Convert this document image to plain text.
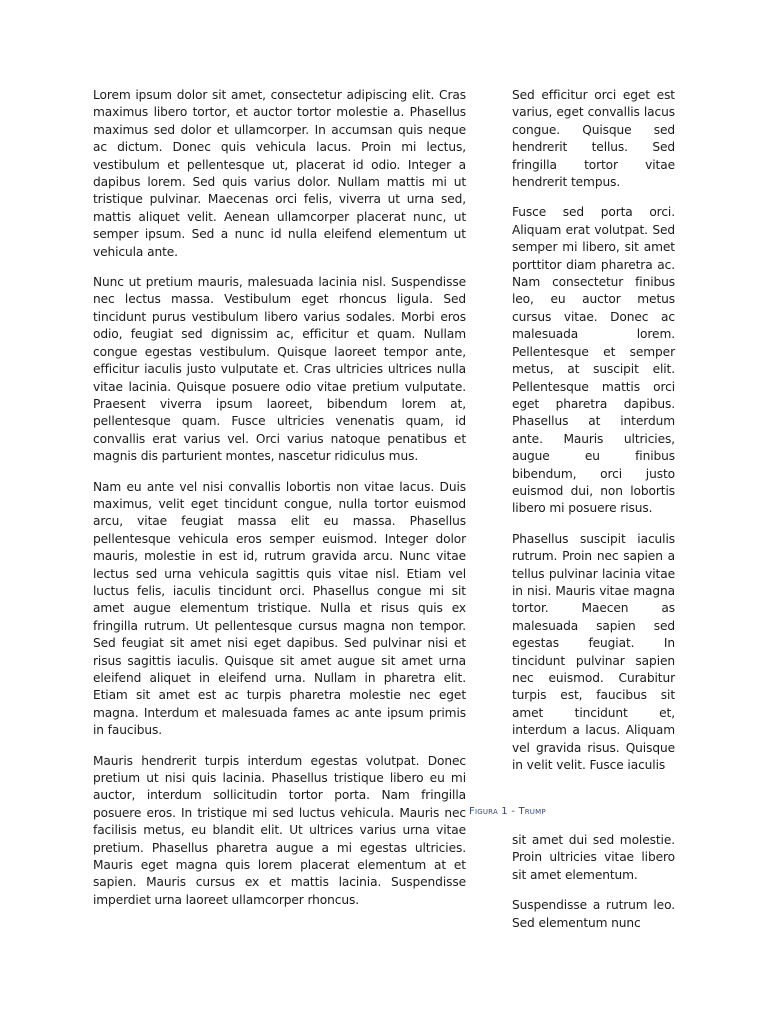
Lorem ipsum dolor sit amet, consectetur adipiscing elit. Cras maximus libero tortor, et auctor tortor molestie a. Phasellus maximus sed dolor et ullamcorper. In accumsan quis neque ac dictum. Donec quis vehicula lacus. Proin mi lectus, vestibulum et pellentesque ut, placerat id odio. Integer a dapibus lorem. Sed quis varius dolor. Nullam mattis mi ut tristique pulvinar. Maecenas orci felis, viverra ut urna sed, mattis aliquet velit. Aenean ullamcorper placerat nunc, ut semper ipsum. Sed a nunc id nulla eleifend elementum ut vehicula ante.

Nunc ut pretium mauris, malesuada lacinia nisl. Suspendisse nec lectus massa. Vestibulum eget rhoncus ligula. Sed tincidunt purus vestibulum libero varius sodales. Morbi eros odio, feugiat sed dignissim ac, efficitur et quam. Nullam congue egestas vestibulum. Quisque laoreet tempor ante, efficitur iaculis justo vulputate et. Cras ultricies ultrices nulla vitae lacinia. Quisque posuere odio vitae pretium vulputate. Praesent viverra ipsum laoreet, bibendum lorem at, pellentesque quam. Fusce ultricies venenatis quam, id convallis erat varius vel. Orci varius natoque penatibus et magnis dis parturient montes, nascetur ridiculus mus.

Nam eu ante vel nisi convallis lobortis non vitae lacus. Duis maximus, velit eget tincidunt congue, nulla tortor euismod arcu, vitae feugiat massa elit eu massa. Phasellus pellentesque vehicula eros semper euismod. Integer dolor mauris, molestie in est id, rutrum gravida arcu. Nunc vitae lectus sed urna vehicula sagittis quis vitae nisl. Etiam vel luctus felis, iaculis tincidunt orci. Phasellus congue mi sit amet augue elementum tristique. Nulla et risus quis ex fringilla rutrum. Ut pellentesque cursus magna non tempor. Sed feugiat sit amet nisi eget dapibus. Sed pulvinar nisi et risus sagittis iaculis. Quisque sit amet augue sit amet urna eleifend aliquet in eleifend urna. Nullam in pharetra elit. Etiam sit amet est ac turpis pharetra molestie nec eget magna. Interdum et malesuada fames ac ante ipsum primis in faucibus.

Mauris hendrerit turpis interdum egestas volutpat. Donec pretium ut nisi quis lacinia. Phasellus tristique libero eu mi auctor, interdum sollicitudin tortor porta. Nam fringilla posuere eros. In tristique mi sed luctus vehicula. Mauris nec facilisis metus, eu blandit elit. Ut ultrices varius urna vitae pretium. Phasellus pharetra augue a mi egestas ultricies. Mauris eget magna quis lorem placerat elementum at et sapien. Mauris cursus ex et mattis lacinia. Suspendisse imperdiet urna laoreet ullamcorper rhoncus.

Sed efficitur orci eget est varius, eget convallis lacus congue. Quisque sed hendrerit tellus. Sed fringilla tortor vitae hendrerit tempus.

Fusce sed porta orci. Aliquam erat volutpat. Sed semper mi libero, sit amet porttitor diam pharetra ac. Nam consectetur finibus leo, eu auctor metus cursus vitae. Donec ac malesuada lorem. Pellentesque et semper metus, at suscipit elit. Pellentesque mattis orci eget pharetra dapibus. Phasellus at interdum ante. Mauris ultricies, augue eu finibus bibendum, orci justo euismod dui, non lobortis libero mi posuere risus.

Phasellus suscipit iaculis rutrum. Proin nec sapien a tellus pulvinar lacinia vitae in nisi. Mauris vitae magna tortor. Maecen as malesuada sapien sed egestas feugiat. In tincidunt pulvinar sapien nec euismod. Curabitur turpis est, faucibus sit amet tincidunt et, interdum a lacus. Aliquam vel gravida risus. Quisque in velit velit. Fusce iaculis

Figura 1 - Trump

sit amet dui sed molestie. Proin ultricies vitae libero sit amet elementum.

Suspendisse a rutrum leo. Sed elementum nunc
